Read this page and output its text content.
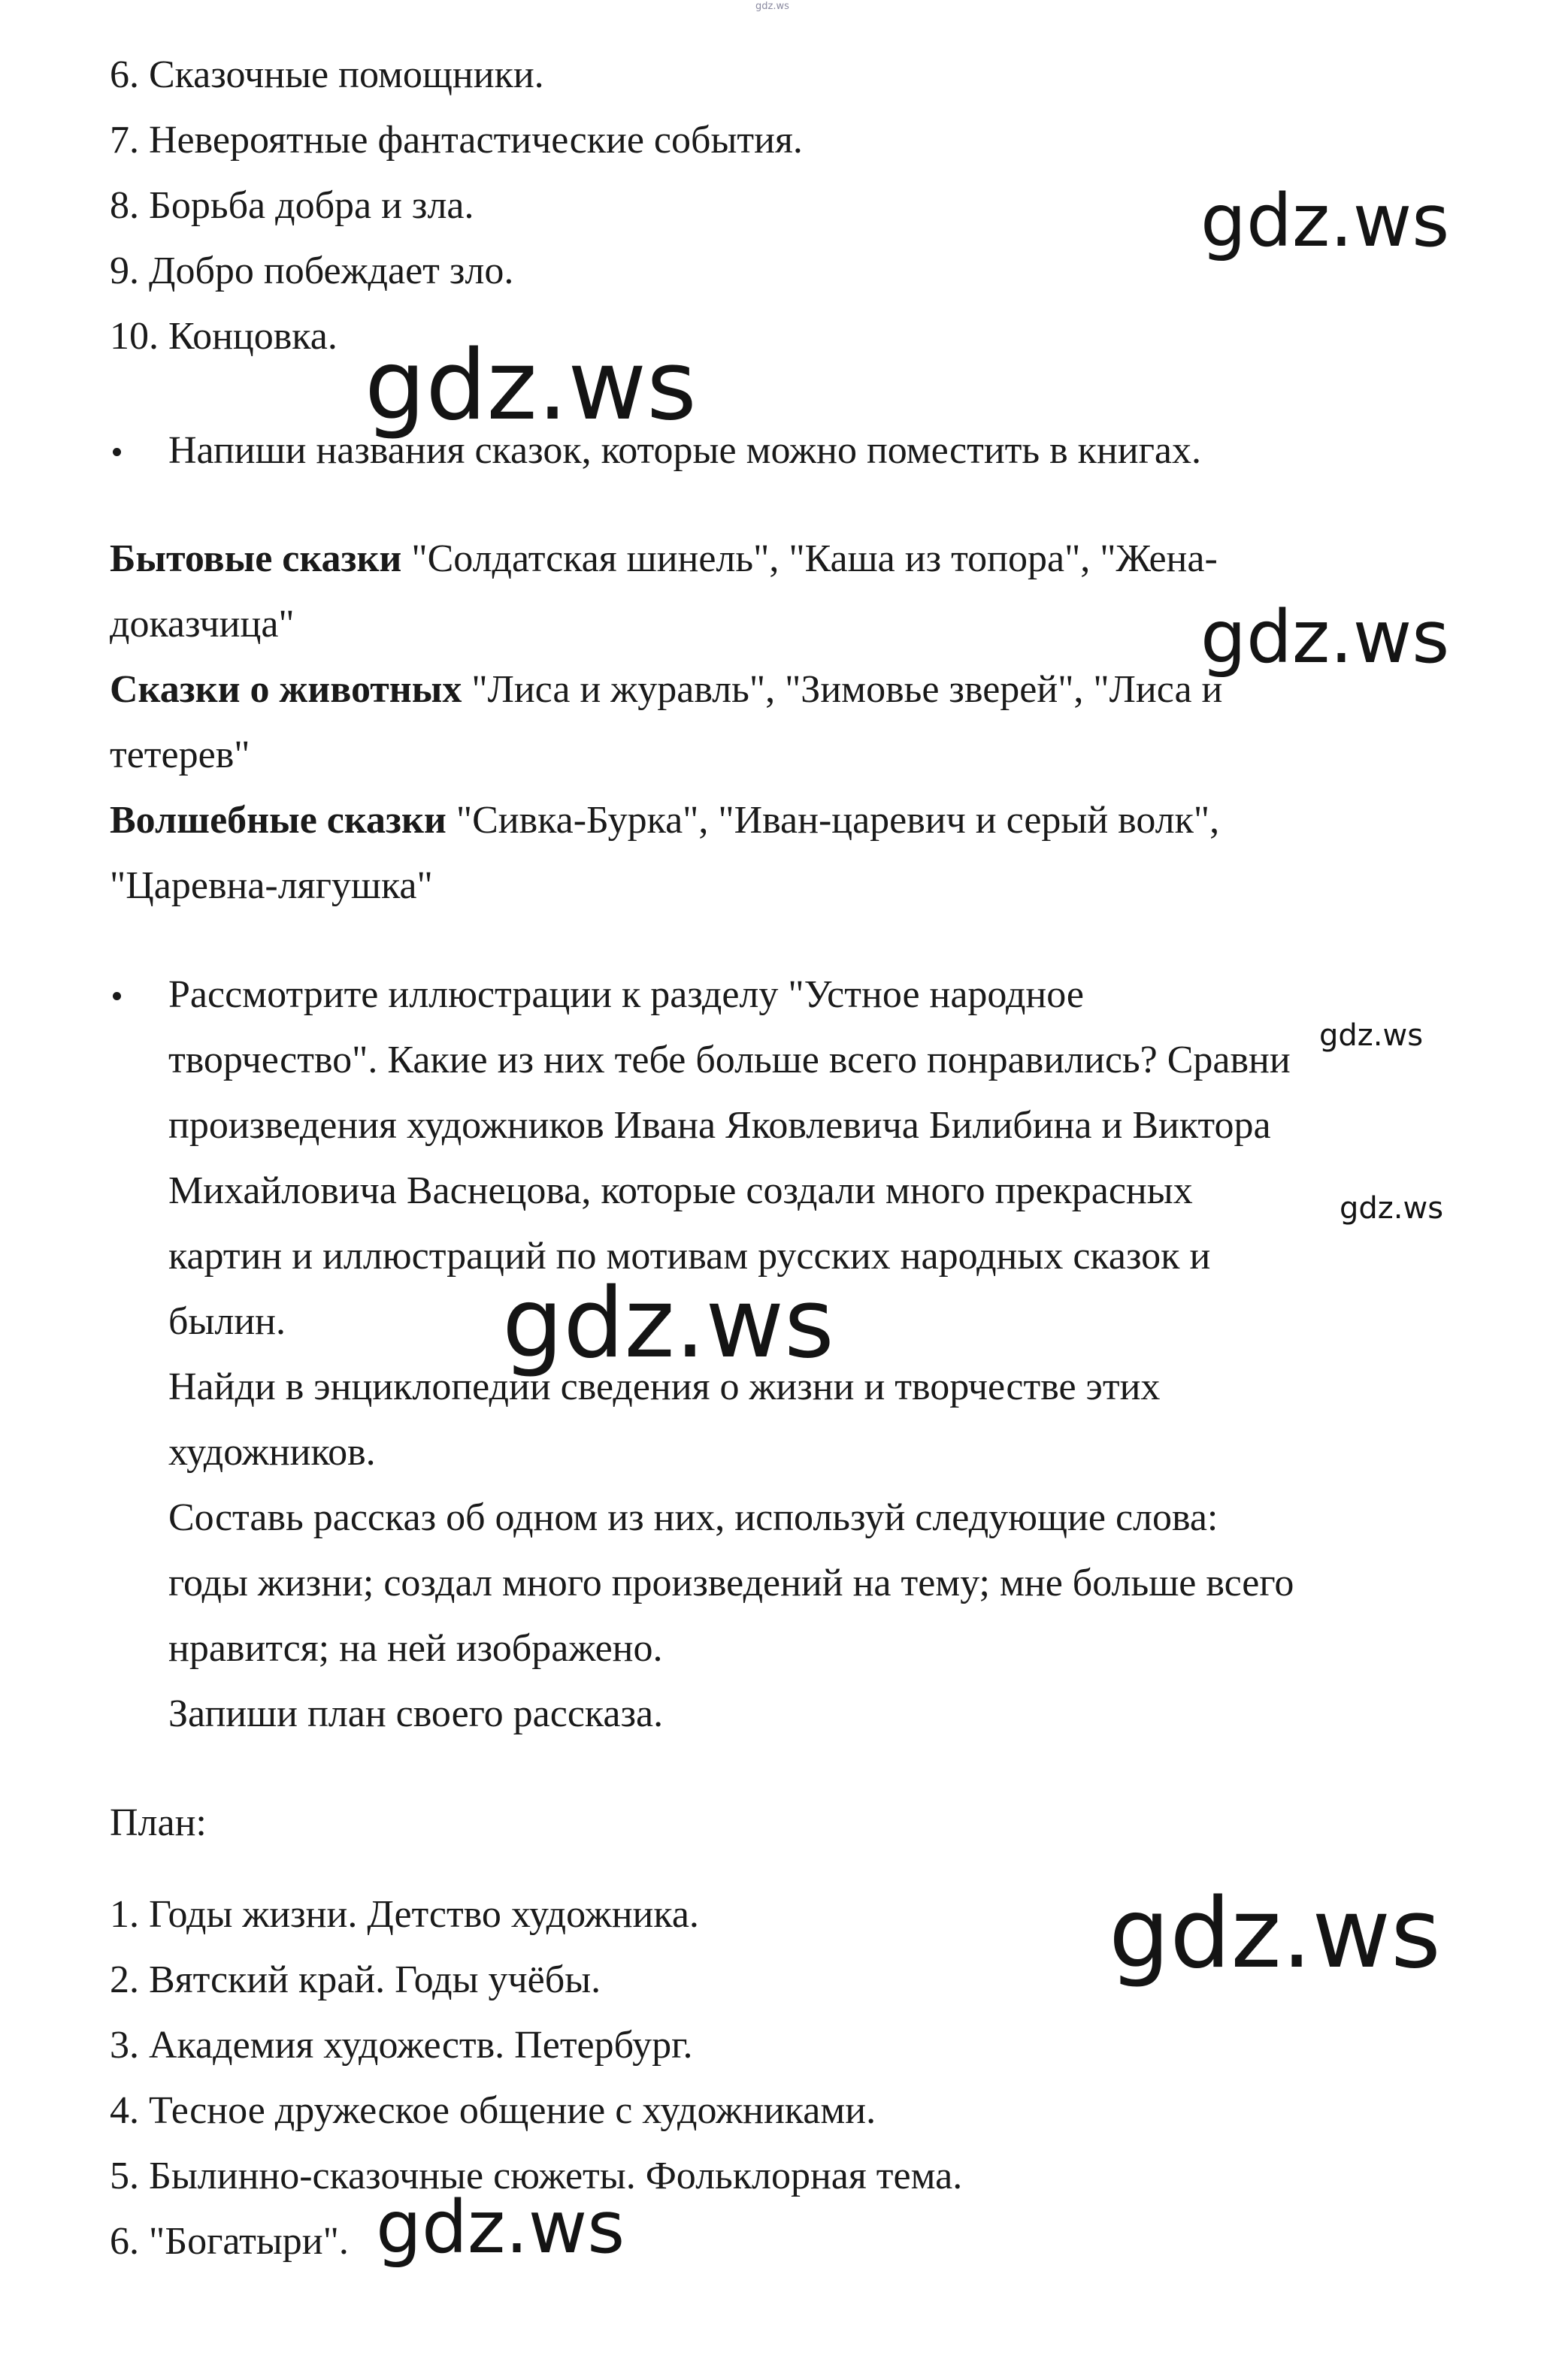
gdz.ws

6. Сказочные помощники.

7. Невероятные фантастические события.

8. Борьба добра и зла.

9. Добро побеждает зло.

10. Концовка.

Напиши названия сказок, которые можно поместить в книгах.

Бытовые сказки "Солдатская шинель", "Каша из топора", "Жена-

доказчица"

Сказки о животных "Лиса и журавль", "Зимовье зверей", "Лиса и

тетерев"

Волшебные сказки "Сивка-Бурка", "Иван-царевич и серый волк",

"Царевна-лягушка"

Рассмотрите иллюстрации к разделу "Устное народное

творчество". Какие из них тебе больше всего понравились? Сравни

произведения художников Ивана Яковлевича Билибина и Виктора

Михайловича Васнецова, которые создали много прекрасных

картин и иллюстраций по мотивам русских народных сказок и

былин.

Найди в энциклопедии сведения о жизни и творчестве этих

художников.

Составь рассказ об одном из них, используй следующие слова:

годы жизни; создал много произведений на тему; мне больше всего

нравится; на ней изображено.

Запиши план своего рассказа.

План:

1. Годы жизни. Детство художника.

2. Вятский край. Годы учёбы.

3. Академия художеств. Петербург.

4. Тесное дружеское общение с художниками.

5. Былинно-сказочные сюжеты. Фольклорная тема.

6. "Богатыри".

gdz.ws
gdz.ws
gdz.ws
gdz.ws
gdz.ws
gdz.ws
gdz.ws
gdz.ws
